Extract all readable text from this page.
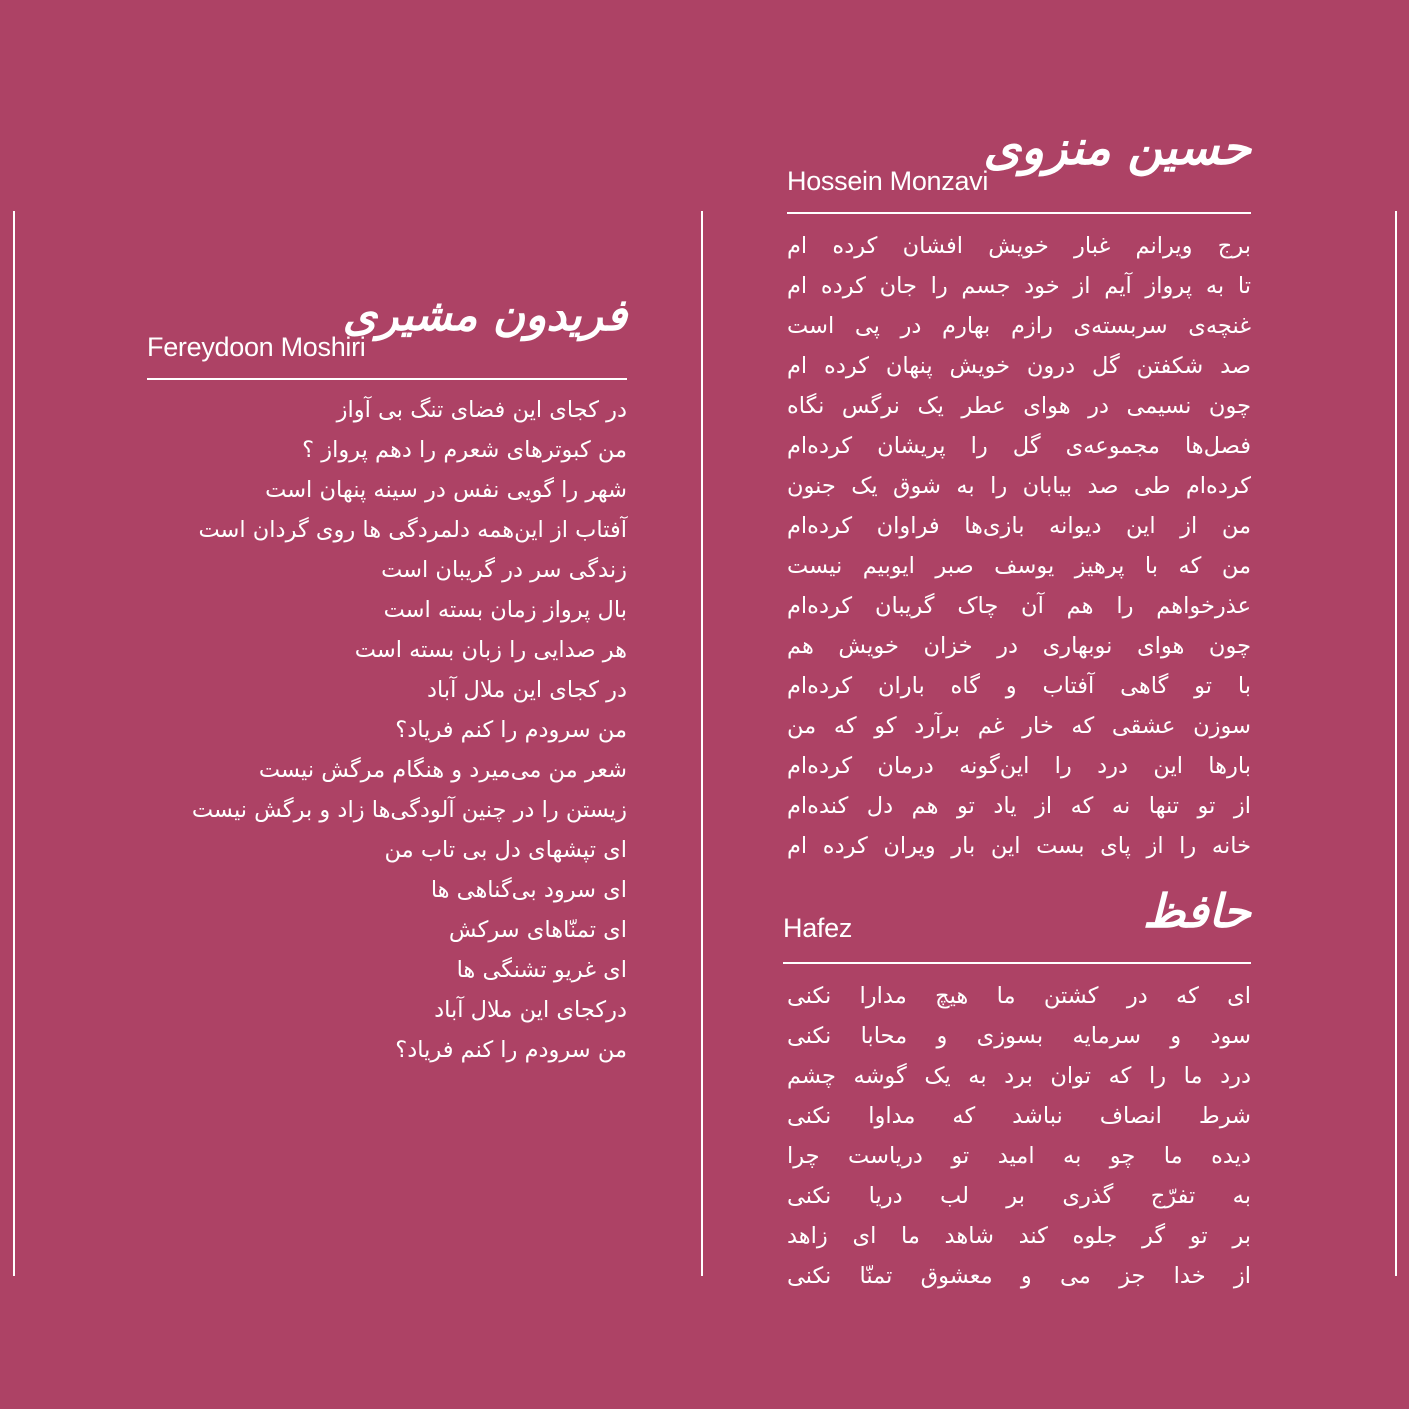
Hossein Monzavi
حسین منزوی
برج ویرانم غبار خویش افشان کرده ام
تا به پرواز آیم از خود جسم را جان کرده ام
غنچه‌ی سربسته‌ی رازم بهارم در پی است
صد شکفتن گل درون خویش پنهان کرده ام
چون نسیمی در هوای عطر یک نرگس نگاه
فصل‌ها مجموعه‌ی گل را پریشان کرده‌ام
کرده‌ام طی صد بیابان را به شوق یک جنون
من از این دیوانه بازی‌ها فراوان کرده‌ام
من که با پرهیز یوسف صبر ایوبیم نیست
عذرخواهم را هم آن چاک گریبان کرده‌ام
چون هوای نوبهاری در خزان خویش هم
با تو گاهی آفتاب و گاه باران کرده‌ام
سوزن عشقی که خار غم برآرد کو که من
بارها این درد را این‌گونه درمان کرده‌ام
از تو تنها نه که از یاد تو هم دل کنده‌ام
خانه را از پای بست این بار ویران کرده ام
Hafez	حافظ
ای که در کشتن ما هیچ مدارا نکنی
سود و سرمایه بسوزی و محابا نکنی
درد ما را که توان برد به یک گوشه چشم
شرط انصاف نباشد که مداوا نکنی
دیده ما چو به امید تو دریاست چرا
به تفرّج گذری بر لب دریا نکنی
بر تو گر جلوه کند شاهد ما ای زاهد
از خدا جز می و معشوق تمنّا نکنی
Fereydoon Moshiri
فریدون مشیری
در کجای این فضای تنگ بی آواز
من کبوترهای شعرم را دهم پرواز ؟
شهر را گویی نفس در سینه پنهان است
آفتاب از این‌همه دلمردگی ها روی گردان است
زندگی سر در گریبان است
بال پرواز زمان بسته است
هر صدایی را زبان بسته است
در کجای این ملال آباد
من سرودم را کنم فریاد؟
شعر من می‌میرد و هنگام مرگش نیست
زیستن را در چنین آلودگی‌ها زاد و برگش نیست
ای تپشهای دل بی تاب من
ای سرود بی‌گناهی ها
ای تمنّاهای سرکش
ای غریو تشنگی ها
درکجای این ملال آباد
من سرودم را کنم فریاد؟
